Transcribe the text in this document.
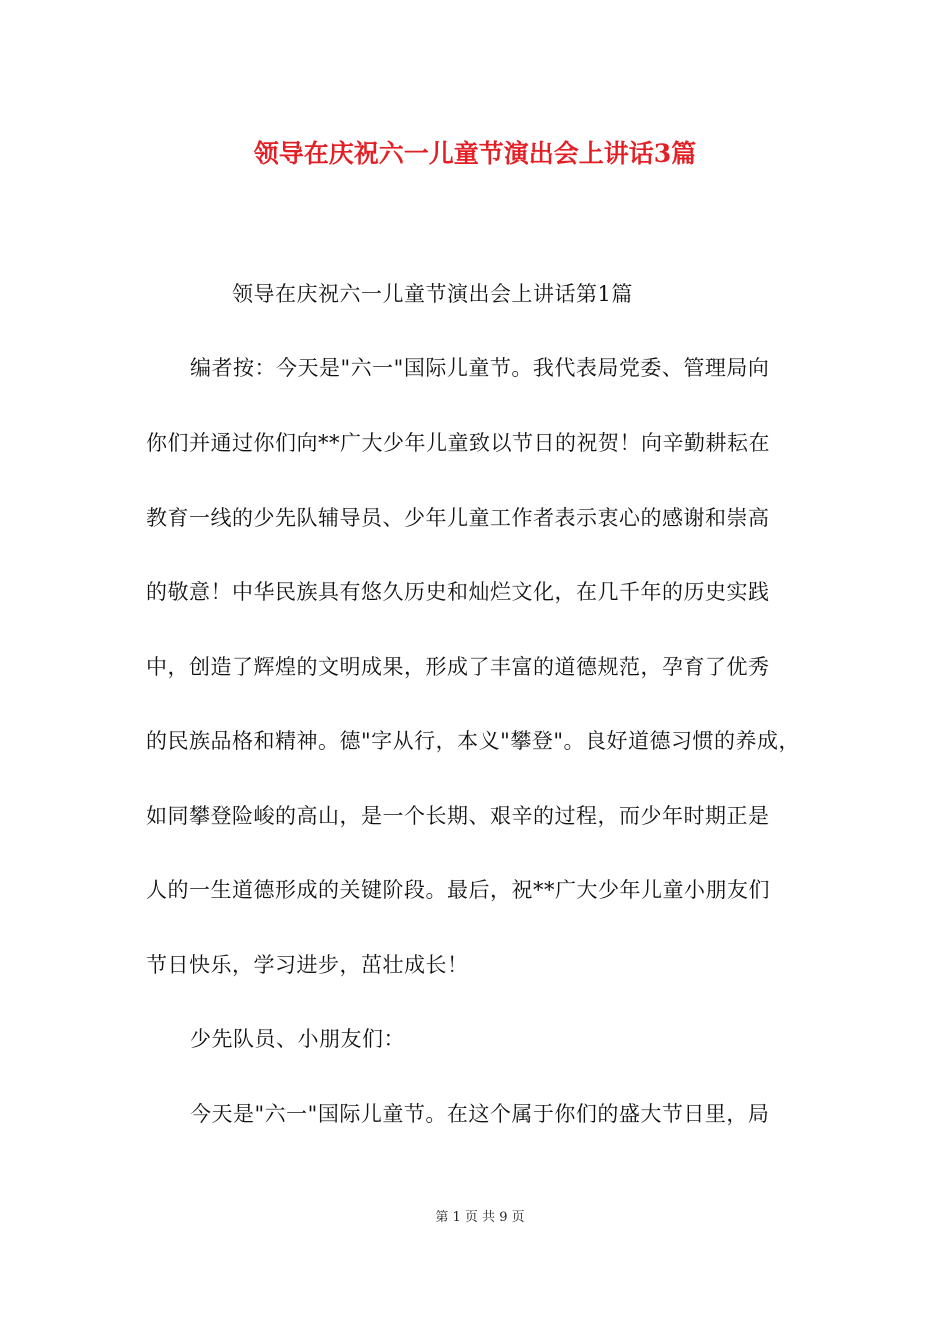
领导在庆祝六一儿童节演出会上讲话3篇
领导在庆祝六一儿童节演出会上讲话第1篇
编者按：今天是"六一"国际儿童节。我代表局党委、管理局向
你们并通过你们向**广大少年儿童致以节日的祝贺！向辛勤耕耘在
教育一线的少先队辅导员、少年儿童工作者表示衷心的感谢和崇高
的敬意！中华民族具有悠久历史和灿烂文化，在几千年的历史实践
中，创造了辉煌的文明成果，形成了丰富的道德规范，孕育了优秀
的民族品格和精神。德"字从行，本义"攀登"。良好道德习惯的养成，
如同攀登险峻的高山，是一个长期、艰辛的过程，而少年时期正是
人的一生道德形成的关键阶段。最后，祝**广大少年儿童小朋友们
节日快乐，学习进步，茁壮成长！
少先队员、小朋友们：
今天是"六一"国际儿童节。在这个属于你们的盛大节日里，局
第 1 页 共 9 页
